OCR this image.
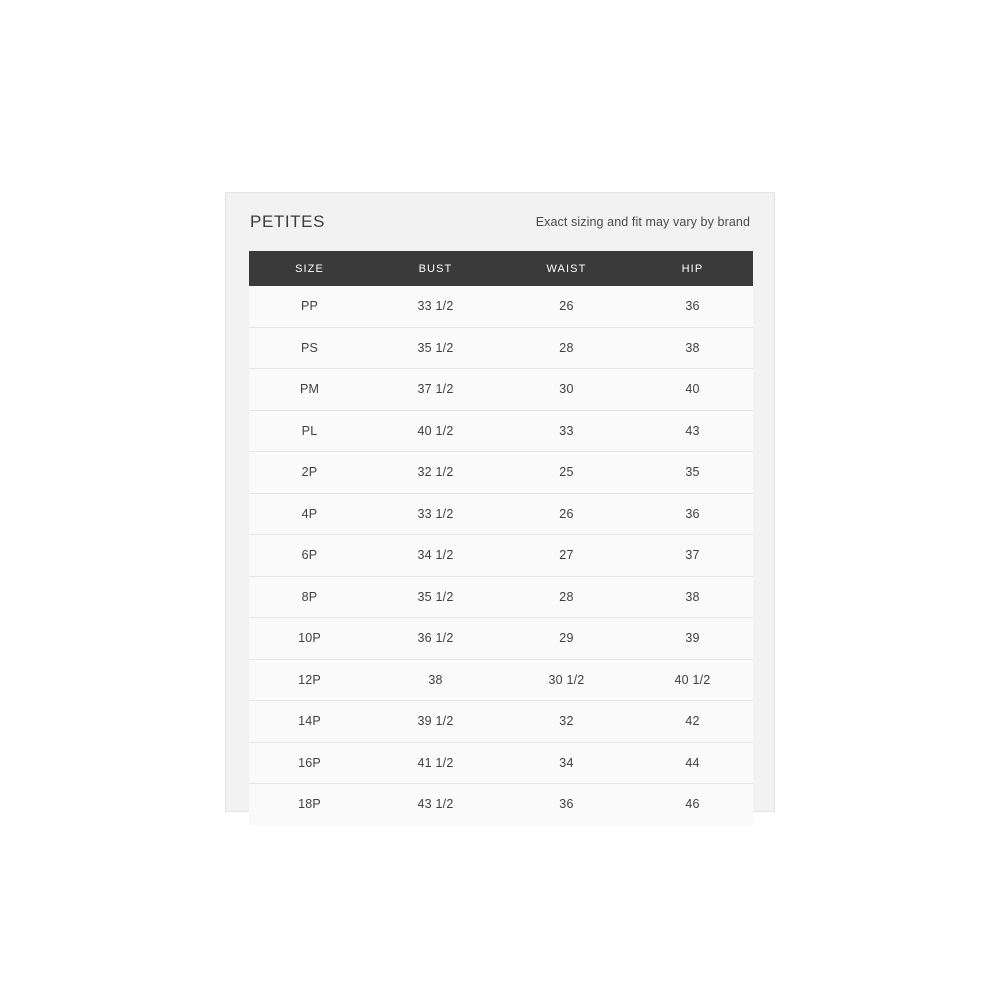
PETITES	Exact sizing and fit may vary by brand
SIZE	BUST	WAIST	HIP
PP	33 1/2	26	36
PS	35 1/2	28	38
PM	37 1/2	30	40
PL	40 1/2	33	43
2P	32 1/2	25	35
4P	33 1/2	26	36
6P	34 1/2	27	37
8P	35 1/2	28	38
10P	36 1/2	29	39
12P	38	30 1/2	40 1/2
14P	39 1/2	32	42
16P	41 1/2	34	44
18P	43 1/2	36	46
